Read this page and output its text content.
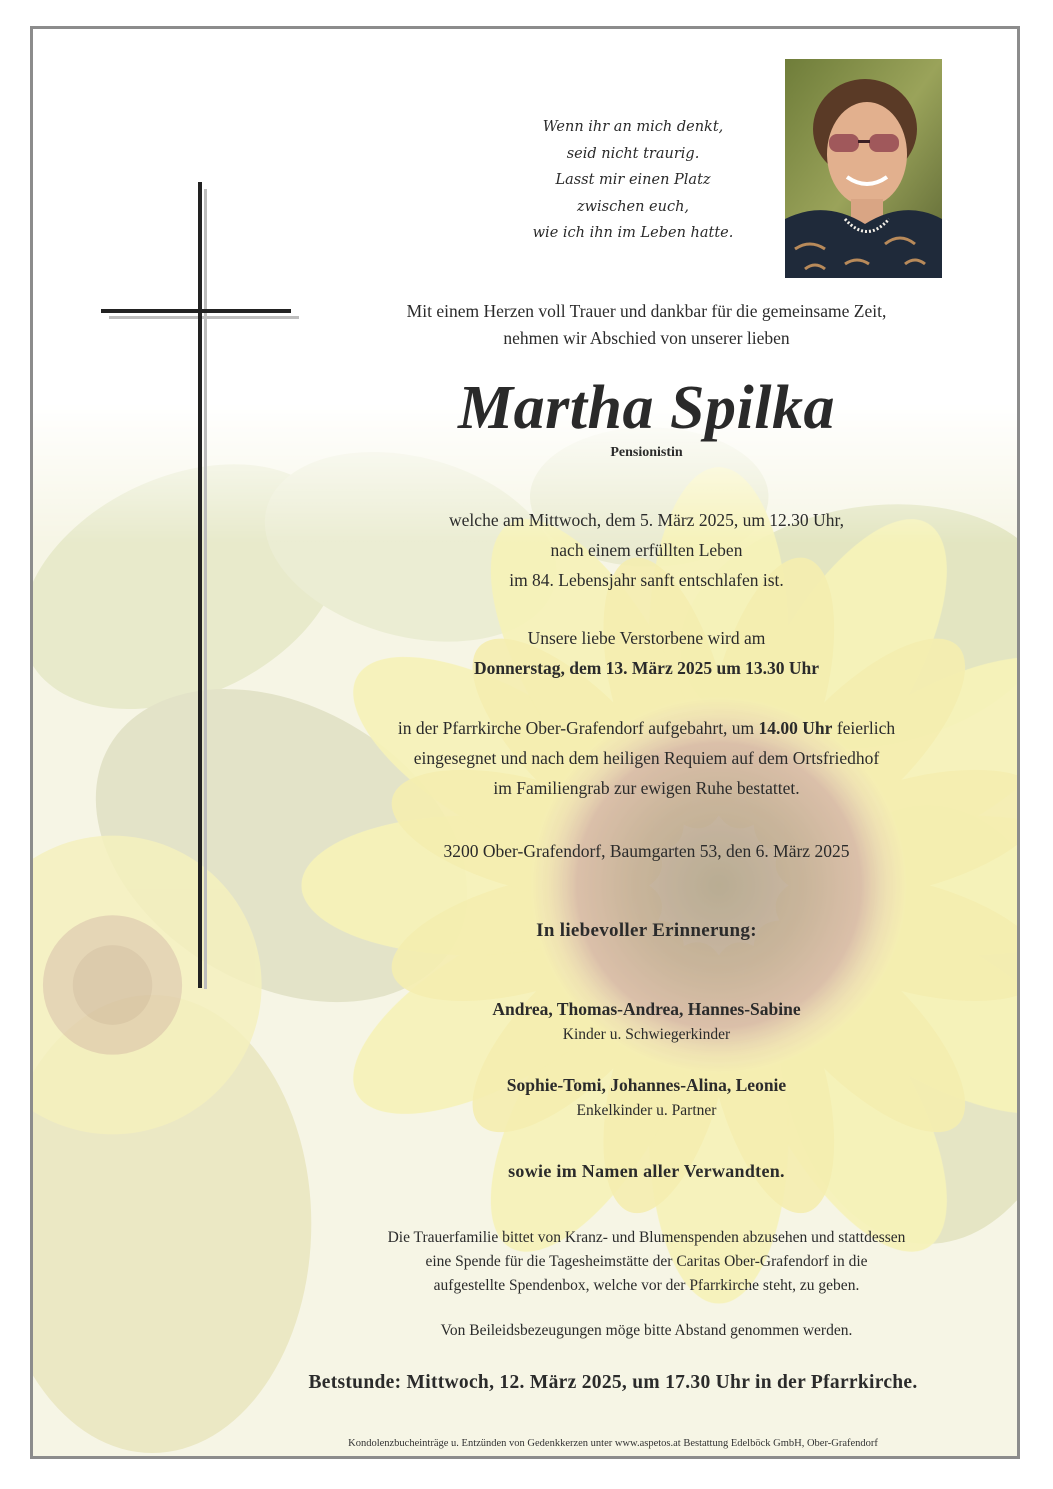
Wenn ihr an mich denkt,
seid nicht traurig.
Lasst mir einen Platz
zwischen euch,
wie ich ihn im Leben hatte.
Mit einem Herzen voll Trauer und dankbar für die gemeinsame Zeit,
nehmen wir Abschied von unserer lieben
Martha Spilka
Pensionistin
welche am Mittwoch, dem 5. März 2025, um 12.30 Uhr,
nach einem erfüllten Leben
im 84. Lebensjahr sanft entschlafen ist.
Unsere liebe Verstorbene wird am
Donnerstag, dem 13. März 2025 um 13.30 Uhr
in der Pfarrkirche Ober-Grafendorf aufgebahrt, um 14.00 Uhr feierlich
eingesegnet und nach dem heiligen Requiem auf dem Ortsfriedhof
im Familiengrab zur ewigen Ruhe bestattet.
3200 Ober-Grafendorf, Baumgarten 53, den 6. März 2025
In liebevoller Erinnerung:
Andrea, Thomas-Andrea, Hannes-Sabine
Kinder u. Schwiegerkinder
Sophie-Tomi, Johannes-Alina, Leonie
Enkelkinder u. Partner
sowie im Namen aller Verwandten.
Die Trauerfamilie bittet von Kranz- und Blumenspenden abzusehen und stattdessen
eine Spende für die Tagesheimstätte der Caritas Ober-Grafendorf in die
aufgestellte Spendenbox, welche vor der Pfarrkirche steht, zu geben.
Von Beileidsbezeugungen möge bitte Abstand genommen werden.
Betstunde: Mittwoch, 12. März 2025, um 17.30 Uhr in der Pfarrkirche.
Kondolenzbucheinträge u. Entzünden von Gedenkkerzen unter www.aspetos.at Bestattung Edelböck GmbH, Ober-Grafendorf
